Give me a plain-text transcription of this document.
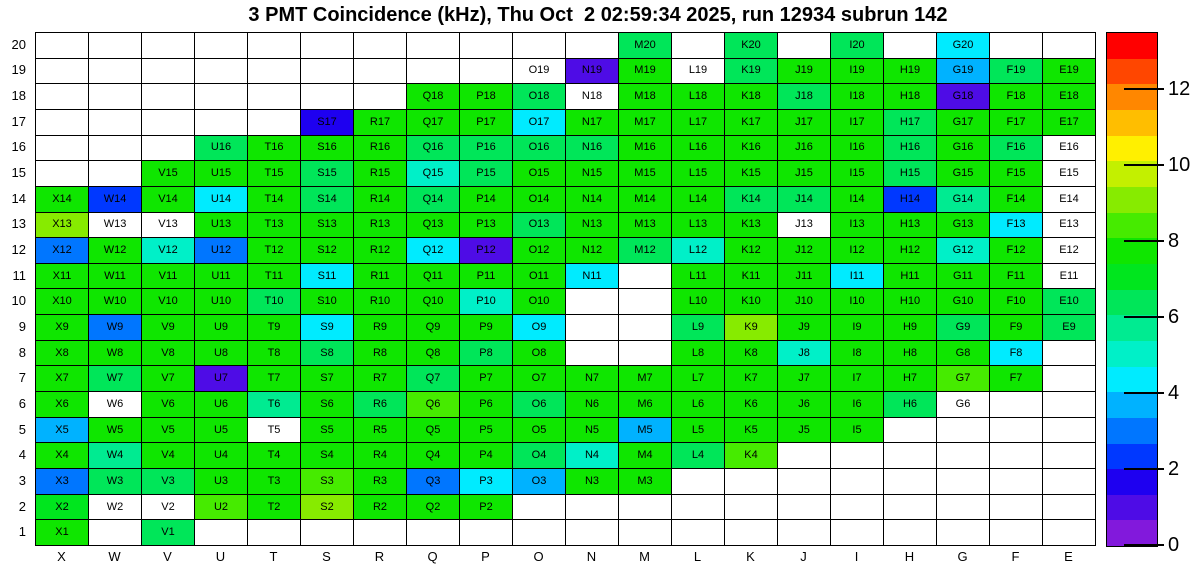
3 PMT Coincidence (kHz), Thu Oct  2 02:59:34 2025, run 12934 subrun 142
M20	K20	I20	G20
O19	N19	M19	L19	K19	J19	I19	H19	G19	F19	E19
Q18	P18	O18	N18	M18	L18	K18	J18	I18	H18	G18	F18	E18
S17	R17	Q17	P17	O17	N17	M17	L17	K17	J17	I17	H17	G17	F17	E17
U16	T16	S16	R16	Q16	P16	O16	N16	M16	L16	K16	J16	I16	H16	G16	F16	E16
V15	U15	T15	S15	R15	Q15	P15	O15	N15	M15	L15	K15	J15	I15	H15	G15	F15	E15
X14	W14	V14	U14	T14	S14	R14	Q14	P14	O14	N14	M14	L14	K14	J14	I14	H14	G14	F14	E14
X13	W13	V13	U13	T13	S13	R13	Q13	P13	O13	N13	M13	L13	K13	J13	I13	H13	G13	F13	E13
X12	W12	V12	U12	T12	S12	R12	Q12	P12	O12	N12	M12	L12	K12	J12	I12	H12	G12	F12	E12
X11	W11	V11	U11	T11	S11	R11	Q11	P11	O11	N11	L11	K11	J11	I11	H11	G11	F11	E11
X10	W10	V10	U10	T10	S10	R10	Q10	P10	O10	L10	K10	J10	I10	H10	G10	F10	E10
X9	W9	V9	U9	T9	S9	R9	Q9	P9	O9	L9	K9	J9	I9	H9	G9	F9	E9
X8	W8	V8	U8	T8	S8	R8	Q8	P8	O8	L8	K8	J8	I8	H8	G8	F8
X7	W7	V7	U7	T7	S7	R7	Q7	P7	O7	N7	M7	L7	K7	J7	I7	H7	G7	F7
X6	W6	V6	U6	T6	S6	R6	Q6	P6	O6	N6	M6	L6	K6	J6	I6	H6	G6
X5	W5	V5	U5	T5	S5	R5	Q5	P5	O5	N5	M5	L5	K5	J5	I5
X4	W4	V4	U4	T4	S4	R4	Q4	P4	O4	N4	M4	L4	K4
X3	W3	V3	U3	T3	S3	R3	Q3	P3	O3	N3	M3
X2	W2	V2	U2	T2	S2	R2	Q2	P2
X1	V1
20
19
18
17
16
15
14
13
12
11
10
9
8
7
6
5
4
3
2
1
X	W	V	U	T	S	R	Q	P	O	N	M	L	K	J	I	H	G	F	E
0
2
4
6
8
10
12
